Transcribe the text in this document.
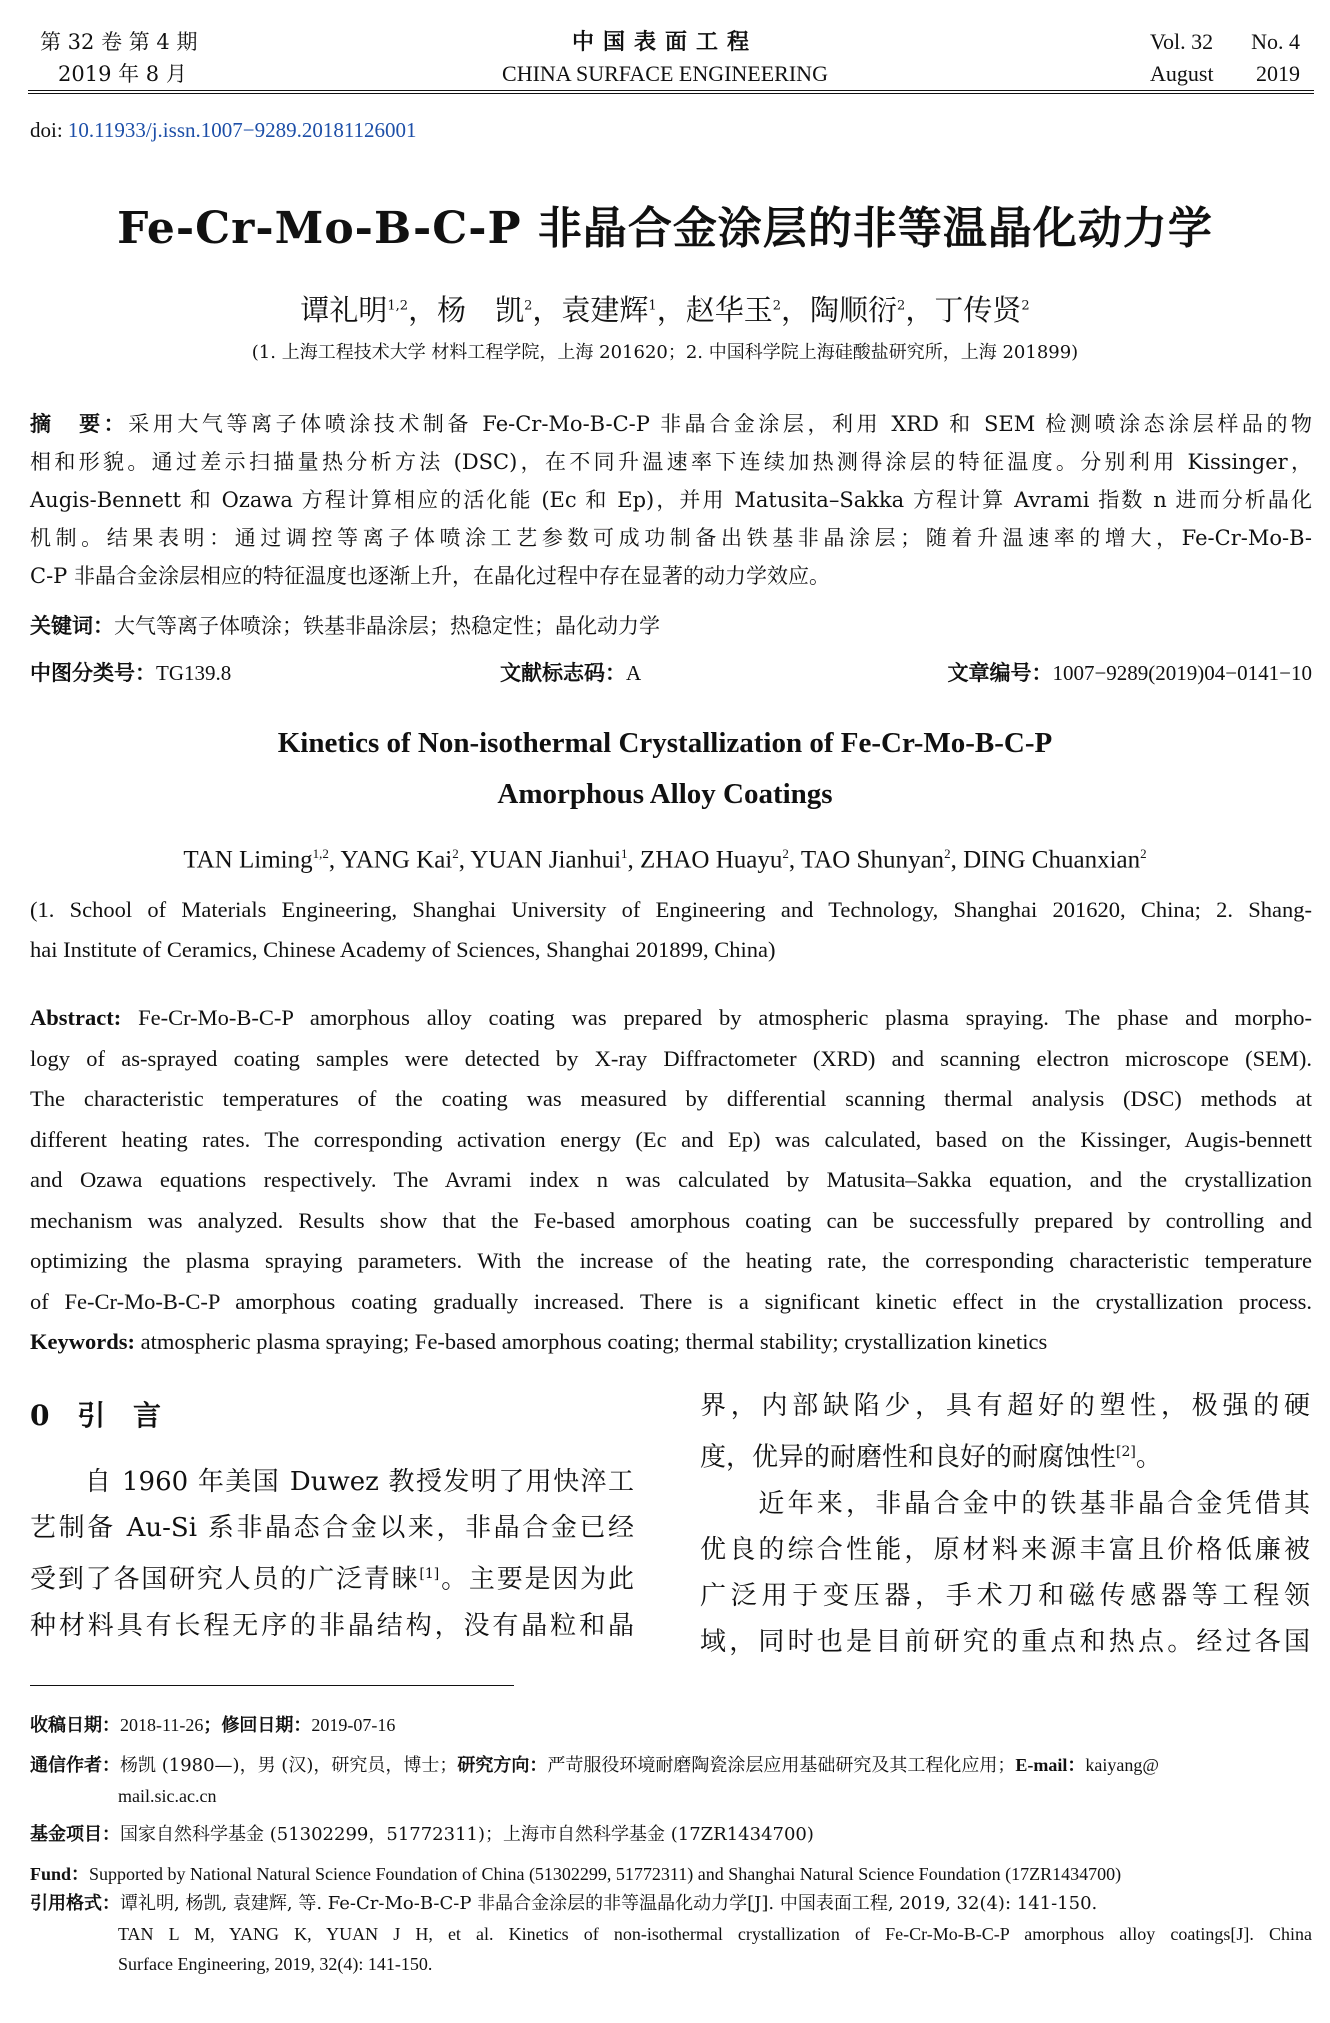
第 32 卷 第 4 期
2019 年 8 月
中国表面工程
CHINA SURFACE ENGINEERING
Vol. 32 No. 4
August 2019
doi: 10.11933/j.issn.1007−9289.20181126001
Fe-Cr-Mo-B-C-P 非晶合金涂层的非等温晶化动力学
谭礼明$^{1,2}$，杨　凯$^2$，袁建辉$^1$，赵华玉$^2$，陶顺衍$^2$，丁传贤$^2$
(1. 上海工程技术大学 材料工程学院，上海 201620；2. 中国科学院上海硅酸盐研究所，上海 201899)
摘　要：采用大气等离子体喷涂技术制备 Fe-Cr-Mo-B-C-P 非晶合金涂层，利用 XRD 和 SEM 检测喷涂态涂层样品的物
相和形貌。通过差示扫描量热分析方法 (DSC)，在不同升温速率下连续加热测得涂层的特征温度。分别利用 Kissinger，
Augis-Bennett 和 Ozawa 方程计算相应的活化能 (Ec 和 Ep)，并用 Matusita–Sakka 方程计算 Avrami 指数 n 进而分析晶化
机制。结果表明：通过调控等离子体喷涂工艺参数可成功制备出铁基非晶涂层；随着升温速率的增大，Fe-Cr-Mo-B-
C-P 非晶合金涂层相应的特征温度也逐渐上升，在晶化过程中存在显著的动力学效应。
关键词：大气等离子体喷涂；铁基非晶涂层；热稳定性；晶化动力学
中图分类号：TG139.8	文献标志码：A	文章编号：1007−9289(2019)04−0141−10
Kinetics of Non-isothermal Crystallization of Fe-Cr-Mo-B-C-P
Amorphous Alloy Coatings
TAN Liming$^{1,2}$, YANG Kai$^2$, YUAN Jianhui$^1$, ZHAO Huayu$^2$, TAO Shunyan$^2$, DING Chuanxian$^2$
(1. School of Materials Engineering, Shanghai University of Engineering and Technology, Shanghai 201620, China; 2. Shang-
hai Institute of Ceramics, Chinese Academy of Sciences, Shanghai 201899, China)
Abstract: Fe-Cr-Mo-B-C-P amorphous alloy coating was prepared by atmospheric plasma spraying. The phase and morpho-
logy of as-sprayed coating samples were detected by X-ray Diffractometer (XRD) and scanning electron microscope (SEM).
The characteristic temperatures of the coating was measured by differential scanning thermal analysis (DSC) methods at
different heating rates. The corresponding activation energy (Ec and Ep) was calculated, based on the Kissinger, Augis-bennett
and Ozawa equations respectively. The Avrami index n was calculated by Matusita–Sakka equation, and the crystallization
mechanism was analyzed. Results show that the Fe-based amorphous coating can be successfully prepared by controlling and
optimizing the plasma spraying parameters. With the increase of the heating rate, the corresponding characteristic temperature
of Fe-Cr-Mo-B-C-P amorphous coating gradually increased. There is a significant kinetic effect in the crystallization process.
Keywords: atmospheric plasma spraying; Fe-based amorphous coating; thermal stability; crystallization kinetics
0 引 言
　　自 1960 年美国 Duwez 教授发明了用快淬工
艺制备 Au-Si 系非晶态合金以来，非晶合金已经
受到了各国研究人员的广泛青睐[1]。主要是因为此
种材料具有长程无序的非晶结构，没有晶粒和晶
界，内部缺陷少，具有超好的塑性，极强的硬
度，优异的耐磨性和良好的耐腐蚀性[2]。
　　近年来，非晶合金中的铁基非晶合金凭借其
优良的综合性能，原材料来源丰富且价格低廉被
广泛用于变压器，手术刀和磁传感器等工程领
域，同时也是目前研究的重点和热点。经过各国
收稿日期：2018-11-26；修回日期：2019-07-16
通信作者：杨凯 (1980—)，男 (汉)，研究员，博士；研究方向：严苛服役环境耐磨陶瓷涂层应用基础研究及其工程化应用；E-mail：kaiyang@
mail.sic.ac.cn
基金项目：国家自然科学基金 (51302299，51772311)；上海市自然科学基金 (17ZR1434700)
Fund：Supported by National Natural Science Foundation of China (51302299, 51772311) and Shanghai Natural Science Foundation (17ZR1434700)
引用格式：谭礼明, 杨凯, 袁建辉, 等. Fe-Cr-Mo-B-C-P 非晶合金涂层的非等温晶化动力学[J]. 中国表面工程, 2019, 32(4): 141-150.
TAN L M, YANG K, YUAN J H, et al. Kinetics of non-isothermal crystallization of Fe-Cr-Mo-B-C-P amorphous alloy coatings[J]. China
Surface Engineering, 2019, 32(4): 141-150.
